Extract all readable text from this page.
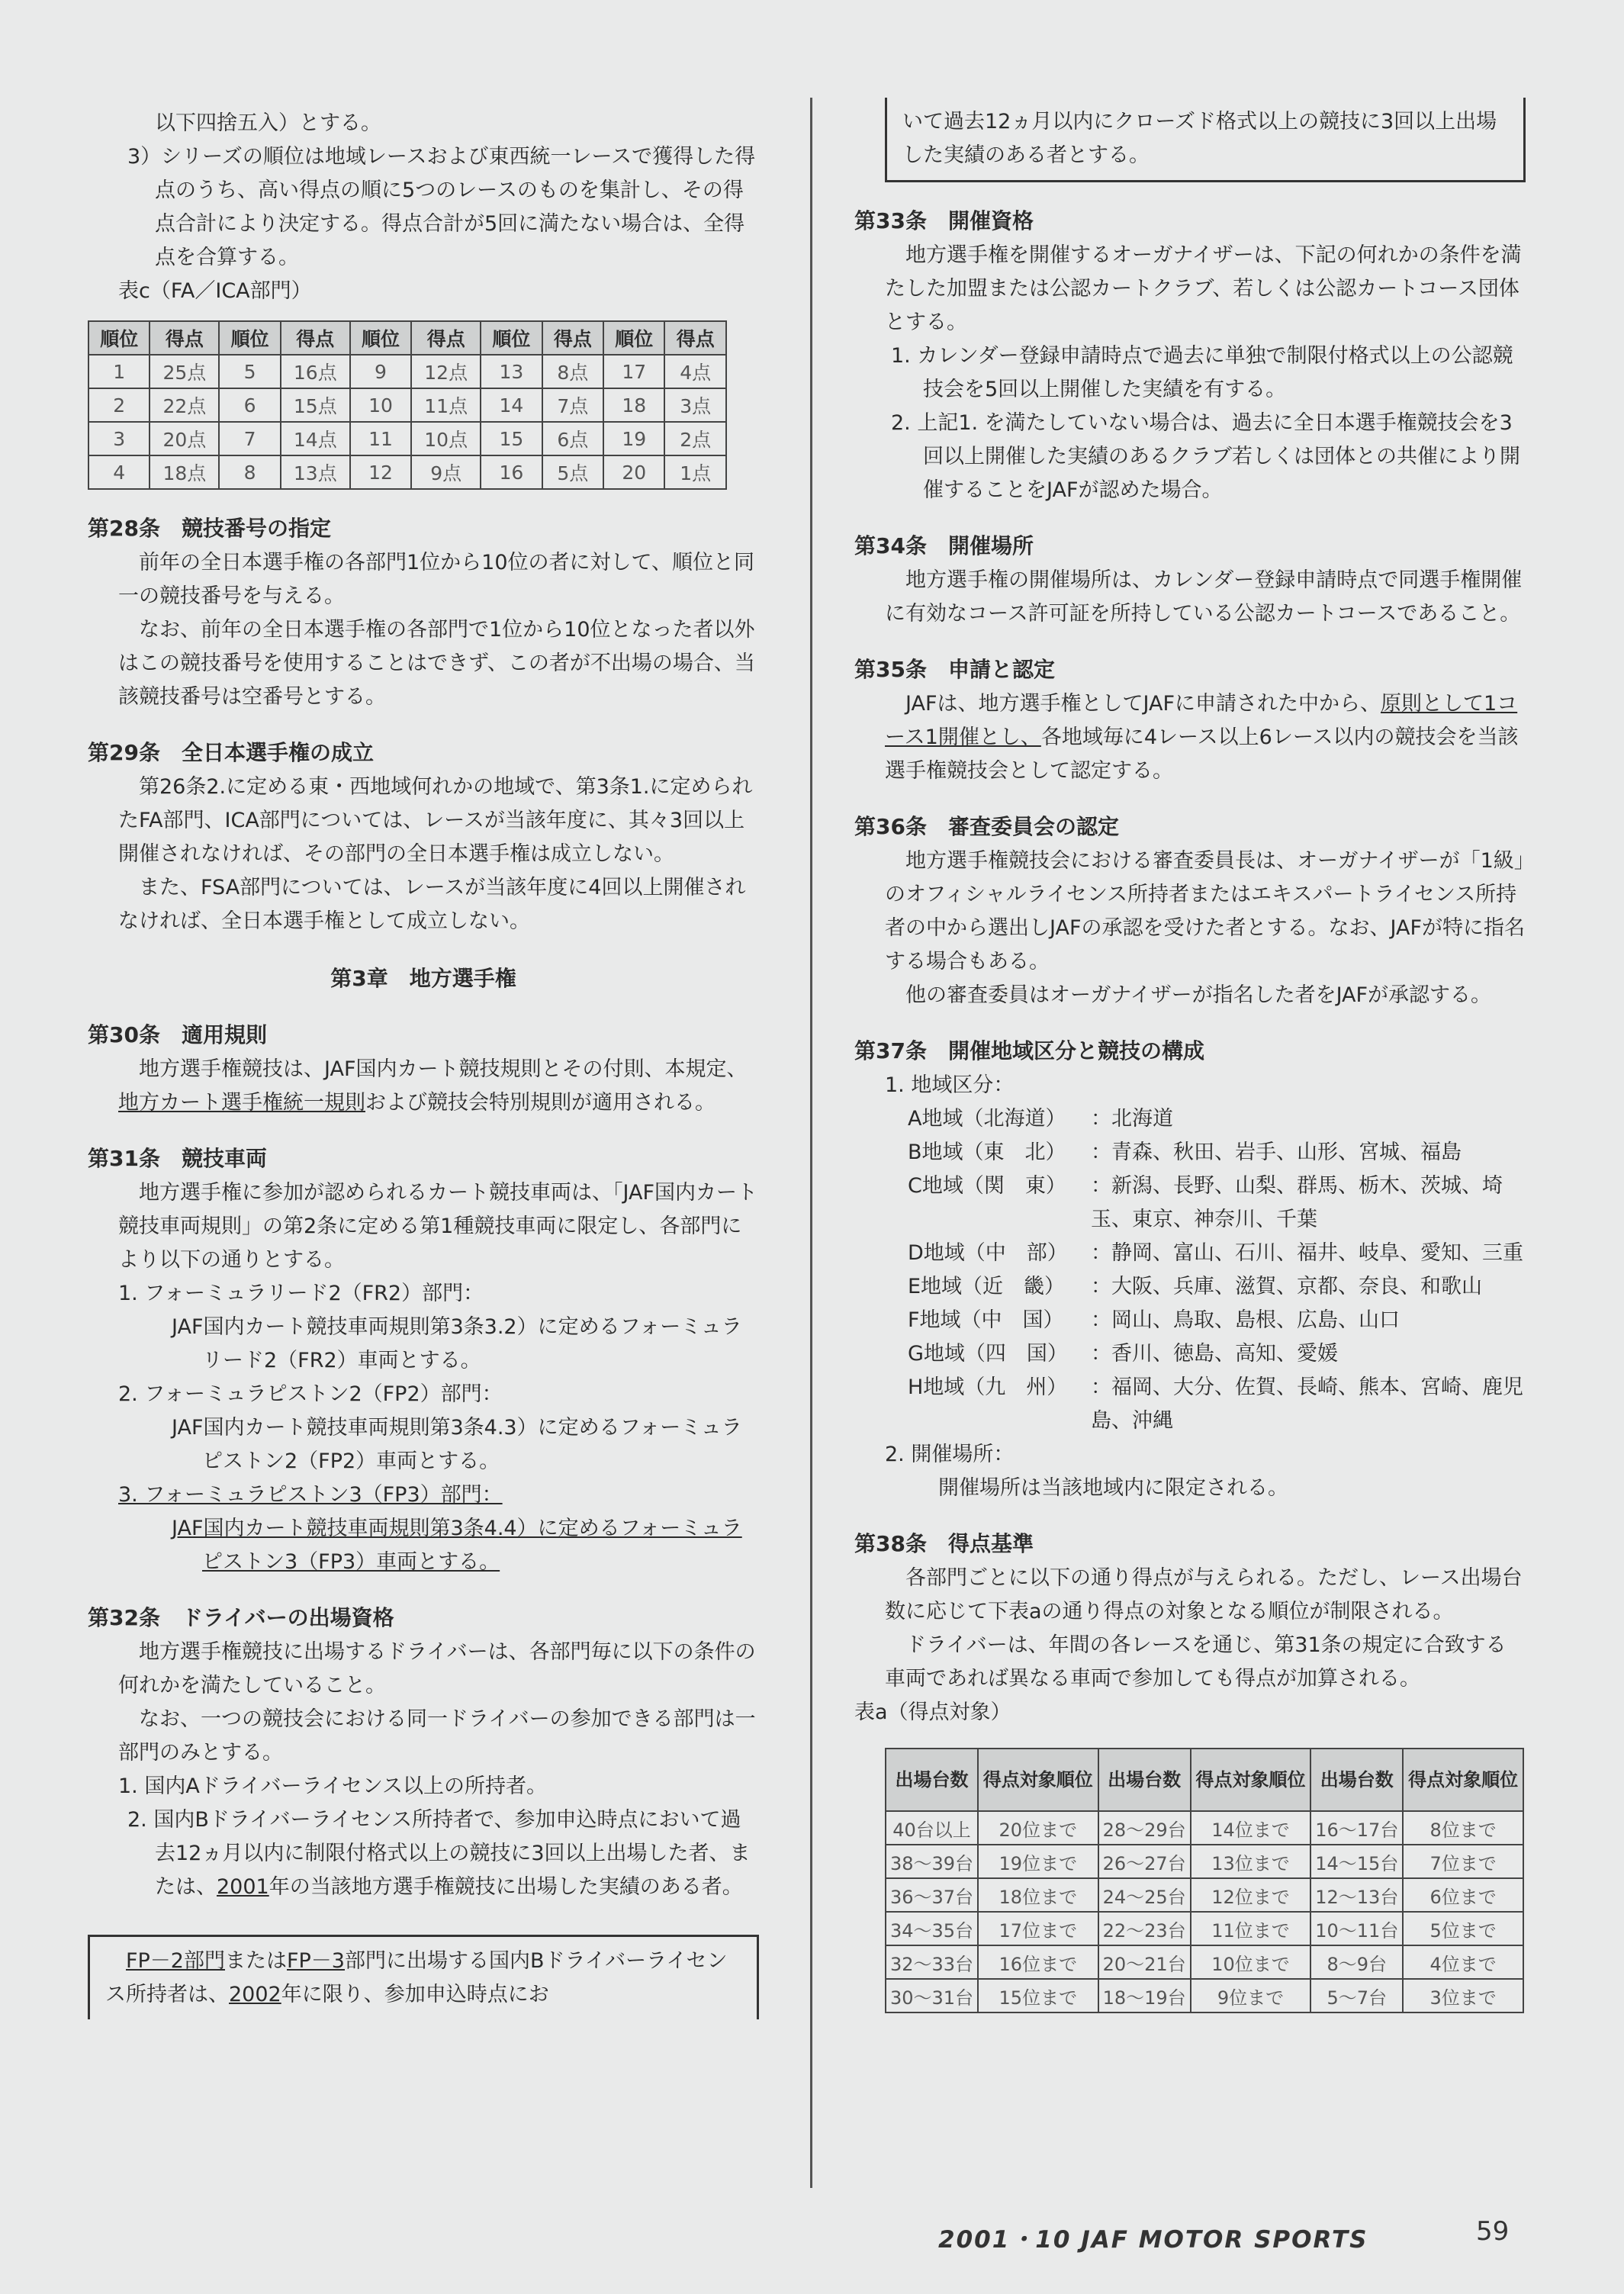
以下四捨五入）とする。

3）シリーズの順位は地域レースおよび東西統一レースで獲得した得点のうち、高い得点の順に5つのレースのものを集計し、その得点合計により決定する。得点合計が5回に満たない場合は、全得点を合算する。

表c（FA／ICA部門）

順位	得点	順位	得点	順位	得点	順位	得点	順位	得点
1	25点	5	16点	9	12点	13	8点	17	4点
2	22点	6	15点	10	11点	14	7点	18	3点
3	20点	7	14点	11	10点	15	6点	19	2点
4	18点	8	13点	12	9点	16	5点	20	1点
第28条　競技番号の指定

前年の全日本選手権の各部門1位から10位の者に対して、順位と同一の競技番号を与える。

なお、前年の全日本選手権の各部門で1位から10位となった者以外はこの競技番号を使用することはできず、この者が不出場の場合、当該競技番号は空番号とする。

第29条　全日本選手権の成立

第26条2.に定める東・西地域何れかの地域で、第3条1.に定められたFA部門、ICA部門については、レースが当該年度に、其々3回以上開催されなければ、その部門の全日本選手権は成立しない。

また、FSA部門については、レースが当該年度に4回以上開催されなければ、全日本選手権として成立しない。

第3章　地方選手権
第30条　適用規則

地方選手権競技は、JAF国内カート競技規則とその付則、本規定、地方カート選手権統一規則および競技会特別規則が適用される。

第31条　競技車両

地方選手権に参加が認められるカート競技車両は、「JAF国内カート競技車両規則」の第2条に定める第1種競技車両に限定し、各部門により以下の通りとする。

1. フォーミュラリード2（FR2）部門：

JAF国内カート競技車両規則第3条3.2）に定めるフォーミュラリード2（FR2）車両とする。

2. フォーミュラピストン2（FP2）部門：

JAF国内カート競技車両規則第3条4.3）に定めるフォーミュラピストン2（FP2）車両とする。

3. フォーミュラピストン3（FP3）部門：

JAF国内カート競技車両規則第3条4.4）に定めるフォーミュラピストン3（FP3）車両とする。

第32条　ドライバーの出場資格

地方選手権競技に出場するドライバーは、各部門毎に以下の条件の何れかを満たしていること。

なお、一つの競技会における同一ドライバーの参加できる部門は一部門のみとする。

1. 国内Aドライバーライセンス以上の所持者。

2. 国内Bドライバーライセンス所持者で、参加申込時点において過去12ヵ月以内に制限付格式以上の競技に3回以上出場した者、または、2001年の当該地方選手権競技に出場した実績のある者。

FP－2部門またはFP－3部門に出場する国内Bドライバーライセンス所持者は、2002年に限り、参加申込時点にお

いて過去12ヵ月以内にクローズド格式以上の競技に3回以上出場した実績のある者とする。

第33条　開催資格

地方選手権を開催するオーガナイザーは、下記の何れかの条件を満たした加盟または公認カートクラブ、若しくは公認カートコース団体とする。

1. カレンダー登録申請時点で過去に単独で制限付格式以上の公認競技会を5回以上開催した実績を有する。

2. 上記1. を満たしていない場合は、過去に全日本選手権競技会を3回以上開催した実績のあるクラブ若しくは団体との共催により開催することをJAFが認めた場合。

第34条　開催場所

地方選手権の開催場所は、カレンダー登録申請時点で同選手権開催に有効なコース許可証を所持している公認カートコースであること。

第35条　申請と認定

JAFは、地方選手権としてJAFに申請された中から、原則として1コース1開催とし、各地域毎に4レース以上6レース以内の競技会を当該選手権競技会として認定する。

第36条　審査委員会の認定

地方選手権競技会における審査委員長は、オーガナイザーが「1級」のオフィシャルライセンス所持者またはエキスパートライセンス所持者の中から選出しJAFの承認を受けた者とする。なお、JAFが特に指名する場合もある。

他の審査委員はオーガナイザーが指名した者をJAFが承認する。

第37条　開催地域区分と競技の構成

1. 地域区分：

A地域（北海道）	：北海道
B地域（東　北）	：青森、秋田、岩手、山形、宮城、福島
C地域（関　東）	：新潟、長野、山梨、群馬、栃木、茨城、埼玉、東京、神奈川、千葉
D地域（中　部）	：静岡、富山、石川、福井、岐阜、愛知、三重
E地域（近　畿）	：大阪、兵庫、滋賀、京都、奈良、和歌山
F地域（中　国）	：岡山、鳥取、島根、広島、山口
G地域（四　国）	：香川、徳島、高知、愛媛
H地域（九　州）	：福岡、大分、佐賀、長崎、熊本、宮崎、鹿児島、沖縄

2. 開催場所：

開催場所は当該地域内に限定される。

第38条　得点基準

各部門ごとに以下の通り得点が与えられる。ただし、レース出場台数に応じて下表aの通り得点の対象となる順位が制限される。

ドライバーは、年間の各レースを通じ、第31条の規定に合致する車両であれば異なる車両で参加しても得点が加算される。

表a（得点対象）

出場台数	得点対象順位	出場台数	得点対象順位	出場台数	得点対象順位
40台以上	20位まで	28～29台	14位まで	16～17台	8位まで
38～39台	19位まで	26～27台	13位まで	14～15台	7位まで
36～37台	18位まで	24～25台	12位まで	12～13台	6位まで
34～35台	17位まで	22～23台	11位まで	10～11台	5位まで
32～33台	16位まで	20～21台	10位まで	8～9台	4位まで
30～31台	15位まで	18～19台	9位まで	5～7台	3位まで
2001・10 JAF MOTOR SPORTS	59
